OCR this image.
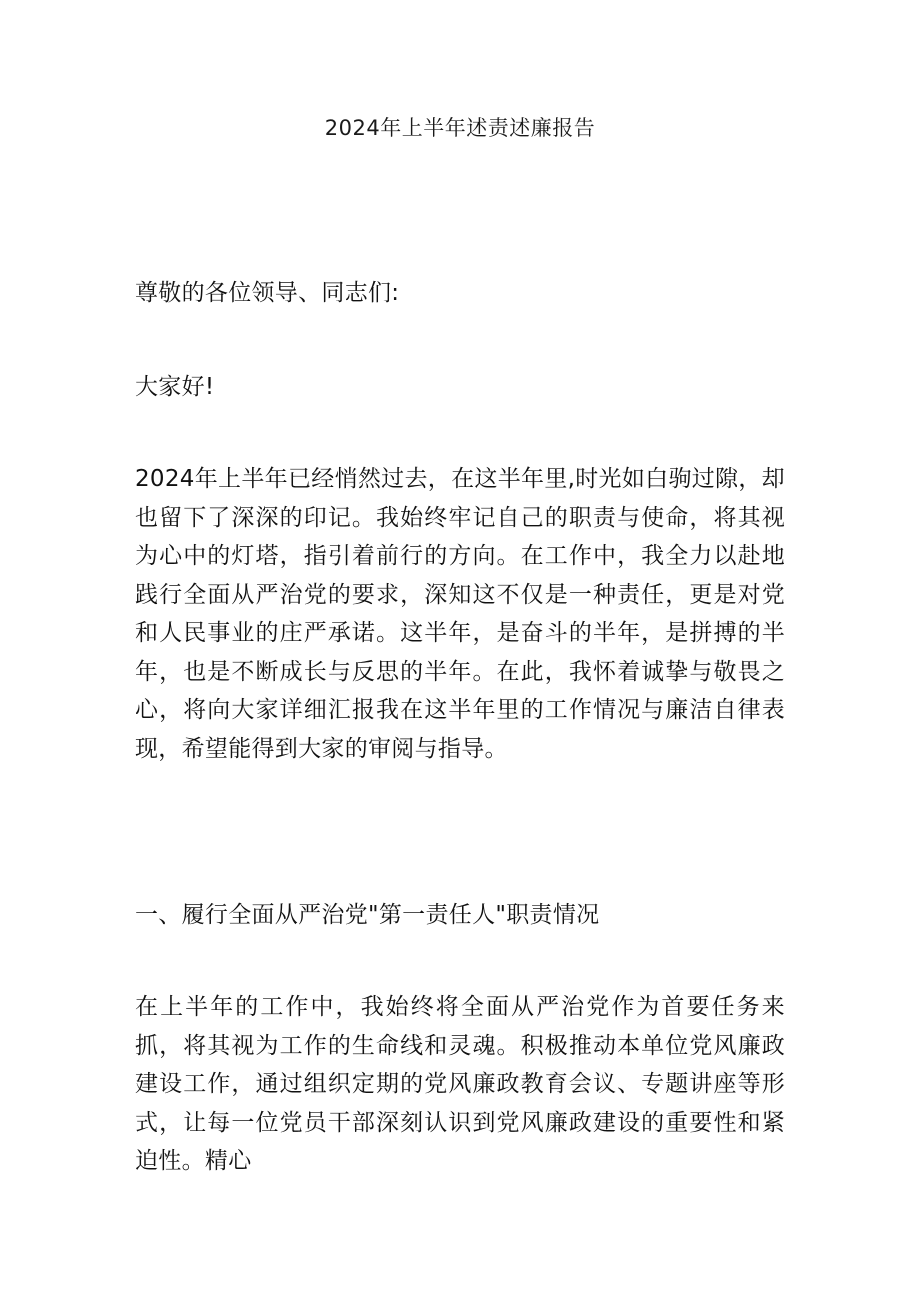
2024年上半年述责述廉报告

尊敬的各位领导、同志们:

大家好!

2024年上半年已经悄然过去，在这半年里,时光如白驹过隙，却也留下了深深的印记。我始终牢记自己的职责与使命，将其视为心中的灯塔，指引着前行的方向。在工作中，我全力以赴地践行全面从严治党的要求，深知这不仅是一种责任，更是对党和人民事业的庄严承诺。这半年，是奋斗的半年，是拼搏的半年，也是不断成长与反思的半年。在此，我怀着诚挚与敬畏之心，将向大家详细汇报我在这半年里的工作情况与廉洁自律表现，希望能得到大家的审阅与指导。

一、履行全面从严治党"第一责任人"职责情况

在上半年的工作中，我始终将全面从严治党作为首要任务来抓，将其视为工作的生命线和灵魂。积极推动本单位党风廉政建设工作，通过组织定期的党风廉政教育会议、专题讲座等形式，让每一位党员干部深刻认识到党风廉政建设的重要性和紧迫性。精心
